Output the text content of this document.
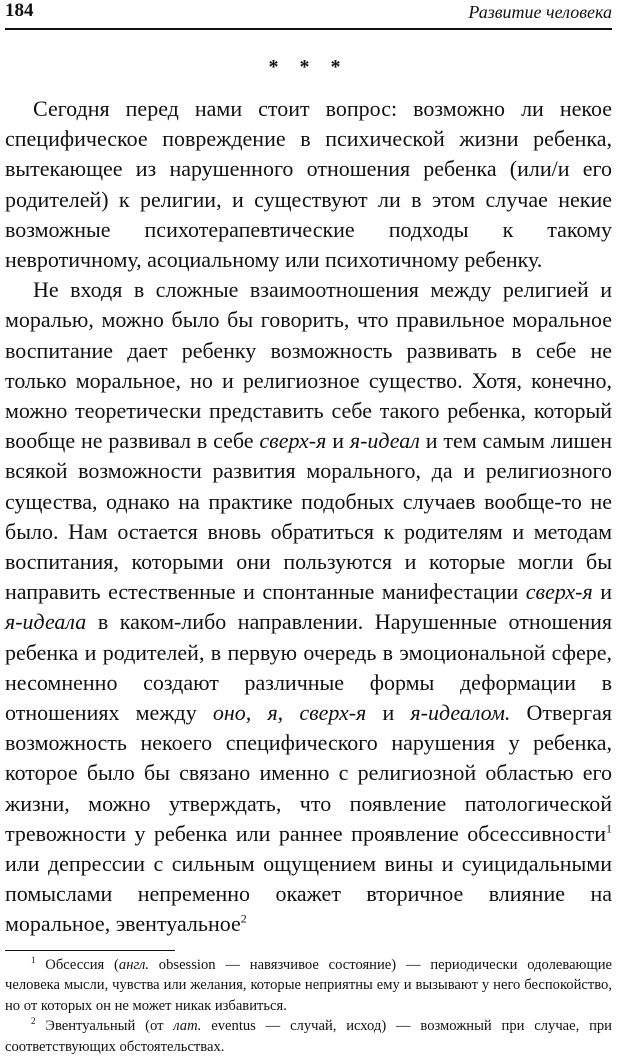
184	Развитие человека
* * *

Сегодня перед нами стоит вопрос: возможно ли некое специфическое повреждение в психической жизни ребенка, вытекающее из нарушенного отношения ребенка (или/и его родителей) к религии, и существуют ли в этом случае некие возможные психотерапевтические подходы к такому невротичному, асоциальному или психотичному ребенку.

Не входя в сложные взаимоотношения между религией и моралью, можно было бы говорить, что правильное моральное воспитание дает ребенку возможность развивать в себе не только моральное, но и религиозное существо. Хотя, конечно, можно теоретически представить себе такого ребенка, который вообще не развивал в себе сверх-я и я-идеал и тем самым лишен всякой возможности развития морального, да и религиозного существа, однако на практике подобных случаев вообще-то не было. Нам остается вновь обратиться к родителям и методам воспитания, которыми они пользуются и которые могли бы направить естественные и спонтанные манифестации сверх-я и я-идеала в каком-либо направлении. Нарушенные отношения ребенка и родителей, в первую очередь в эмоциональной сфере, несомненно создают различные формы деформации в отношениях между оно, я, сверх-я и я-идеалом. Отвергая возможность некоего специфического нарушения у ребенка, которое было бы связано именно с религиозной областью его жизни, можно утверждать, что появление патологической тревожности у ребенка или раннее проявление обсессивности$^1$ или депрессии с сильным ощущением вины и суицидальными помыслами непременно окажет вторичное влияние на моральное, эвентуальное$^2$

$^1$ Обсессия (англ. obsession — навязчивое состояние) — периодически одолевающие человека мысли, чувства или желания, которые неприятны ему и вызывают у него беспокойство, но от которых он не может никак избавиться.

$^2$ Эвентуальный (от лат. eventus — случай, исход) — возможный при случае, при соответствующих обстоятельствах.
